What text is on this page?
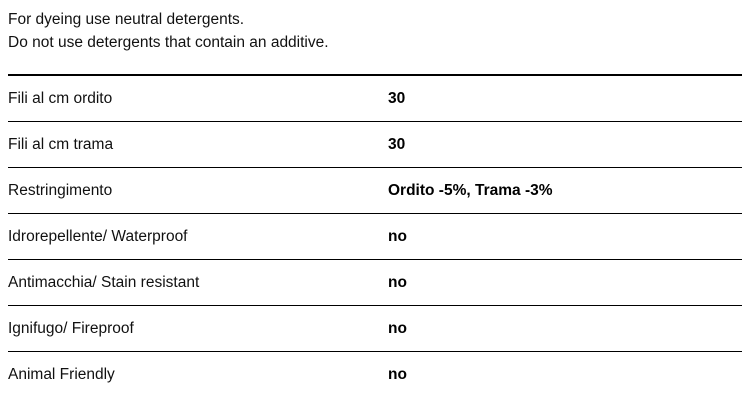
For dyeing use neutral detergents.
Do not use detergents that contain an additive.
Fili al cm ordito	30
Fili al cm trama	30
Restringimento	Ordito -5%, Trama -3%
Idrorepellente/ Waterproof	no
Antimacchia/ Stain resistant	no
Ignifugo/ Fireproof	no
Animal Friendly	no
